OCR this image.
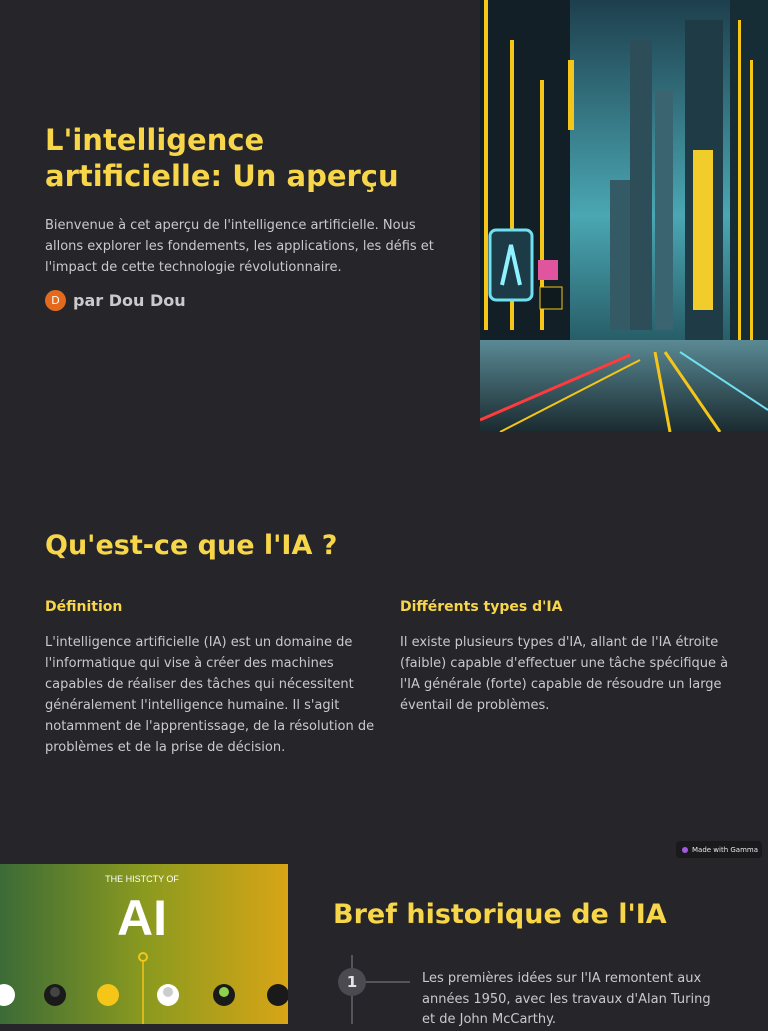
L'intelligence artificielle: Un aperçu

Bienvenue à cet aperçu de l'intelligence artificielle. Nous allons explorer les fondements, les applications, les défis et l'impact de cette technologie révolutionnaire.

D par Dou Dou
Qu'est-ce que l'IA ?
Définition

L'intelligence artificielle (IA) est un domaine de l'informatique qui vise à créer des machines capables de réaliser des tâches qui nécessitent généralement l'intelligence humaine. Il s'agit notamment de l'apprentissage, de la résolution de problèmes et de la prise de décision.

Différents types d'IA

Il existe plusieurs types d'IA, allant de l'IA étroite (faible) capable d'effectuer une tâche spécifique à l'IA générale (forte) capable de résoudre un large éventail de problèmes.

Made with Gamma
THE HISTCTY OF
AI	Bref historique de l'IA
1	Les premières idées sur l'IA remontent aux années 1950, avec les travaux d'Alan Turing et de John McCarthy.
